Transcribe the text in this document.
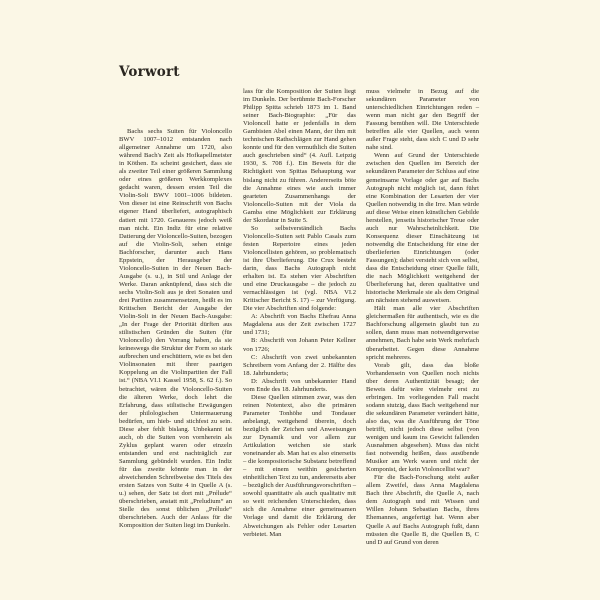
Vorwort

Bachs sechs Suiten für Violoncello BWV 1007–1012 entstanden nach allgemeiner Annahme um 1720, also während Bach's Zeit als Hofkapellmeister in Köthen. Es scheint gesichert, dass sie als zweiter Teil einer größeren Sammlung oder eines größeren Werkkomplexes gedacht waren, dessen ersten Teil die Violin-Soli BWV 1001–1006 bildeten. Von dieser ist eine Reinschrift von Bachs eigener Hand überliefert, autographisch datiert mit 1720. Genaueres jedoch weiß man nicht. Ein Indiz für eine relative Datierung der Violoncello-Suiten, bezogen auf die Violin-Soli, sehen einige Bachforscher, darunter auch Hans Eppstein, der Herausgeber der Violoncello-Suiten in der Neuen Bach-Ausgabe (s. u.), in Stil und Anlage der Werke. Daran anknüpfend, dass sich die sechs Violin-Soli aus je drei Sonaten und drei Partiten zusammensetzen, heißt es im Kritischen Bericht der Ausgabe der Violin-Soli in der Neuen Bach-Ausgabe: „In der Frage der Priorität dürften aus stilistischen Gründen die Suiten (für Violoncello) den Vorrang haben, da sie keineswegs die Struktur der Form so stark aufbrechen und erschüttern, wie es bei den Violinsonaten mit ihrer paarigen Koppelung an die Violinpartiten der Fall ist.“ (NBA VI.1 Kassel 1958, S. 62 f.). So betrachtet, wären die Violoncello-Suiten die älteren Werke, doch lehrt die Erfahrung, dass stilistische Erwägungen der philologischen Untermauerung bedürfen, um hieb- und stichfest zu sein. Diese aber fehlt bislang. Unbekannt ist auch, ob die Suiten von vornherein als Zyklus geplant waren oder einzeln entstanden und erst nachträglich zur Sammlung gebündelt wurden. Ein Indiz für das zweite könnte man in der abweichenden Schreibweise des Titels des ersten Satzes von Suite 4 in Quelle A (s. u.) sehen, der Satz ist dort mit „Prélude“ überschrieben, anstatt mit „Preludium“ an Stelle des sonst üblichen „Prélude“ überschrieben. Auch der Anlass für die Komposition der Suiten liegt im Dunkeln.

lass für die Komposition der Suiten liegt im Dunkeln. Der berühmte Bach-Forscher Philipp Spitta schrieb 1873 im 1. Band seiner Bach-Biographie: „Für das Violoncell hatte er jedenfalls in dem Gambisten Abel einen Mann, der ihm mit technischen Rathschlägen zur Hand gehen konnte und für den vermuthlich die Suiten auch geschrieben sind“ (4. Aufl. Leipzig 1930, S. 708 f.). Ein Beweis für die Richtigkeit von Spittas Behauptung war bislang nicht zu führen. Andererseits böte die Annahme eines wie auch immer gearteten Zusammenhangs der Violoncello-Suiten mit der Viola da Gamba eine Möglichkeit zur Erklärung der Skordatur in Suite 5.

So selbstverständlich Bachs Violoncello-Suiten seit Pablo Casals zum festen Repertoire eines jeden Violoncellisten gehören, so problematisch ist ihre Überlieferung. Die Crux besteht darin, dass Bachs Autograph nicht erhalten ist. Es stehen vier Abschriften und eine Druckausgabe – die jedoch zu vernachlässigen ist (vgl. NBA VI.2 Kritischer Bericht S. 17) – zur Verfügung. Die vier Abschriften sind folgende:

A: Abschrift von Bachs Ehefrau Anna Magdalena aus der Zeit zwischen 1727 und 1731;

B: Abschrift von Johann Peter Kellner von 1726;

C: Abschrift von zwei unbekannten Schreibern vom Anfang der 2. Hälfte des 18. Jahrhunderts;

D: Abschrift von unbekannter Hand vom Ende des 18. Jahrhunderts.

Diese Quellen stimmen zwar, was den reinen Notentext, also die primären Parameter Tonhöhe und Tondauer anbelangt, weitgehend überein, doch bezüglich der Zeichen und Anweisungen zur Dynamik und vor allem zur Artikulation weichen sie stark voneinander ab. Man hat es also einerseits – die kompositorische Substanz betreffend – mit einem weithin gesicherten einheitlichen Text zu tun, andererseits aber – bezüglich der Ausführungsvorschriften – sowohl quantitativ als auch qualitativ mit so weit reichenden Unterschieden, dass sich die Annahme einer gemeinsamen Vorlage und damit die Erklärung der Abweichungen als Fehler oder Lesarten verbietet. Man

muss vielmehr in Bezug auf die sekundären Parameter von unterschiedlichen Einrichtungen reden – wenn man nicht gar den Begriff der Fassung bemühen will. Die Unterschiede betreffen alle vier Quellen, auch wenn außer Frage steht, dass sich C und D sehr nahe sind.

Wenn auf Grund der Unterschiede zwischen den Quellen im Bereich der sekundären Parameter der Schluss auf eine gemeinsame Vorlage oder gar auf Bachs Autograph nicht möglich ist, dann führt eine Kombination der Lesarten der vier Quellen notwendig in die Irre. Man würde auf diese Weise einen künstlichen Gebilde herstellen, jenseits historischer Treue oder auch nur Wahrscheinlichkeit. Die Konsequenz dieser Einschätzung ist notwendig die Entscheidung für eine der überlieferten Einrichtungen (oder Fassungen); dabei versteht sich von selbst, dass die Entscheidung einer Quelle fällt, die nach Möglichkeit weitgehend der Überlieferung hat, deren qualitative und historische Merkmale sie als dem Original am nächsten stehend ausweisen.

Hält man alle vier Abschriften gleichermaßen für authentisch, wie es die Bachforschung allgemein glaubt tun zu sollen, dann muss man notwendigerweise annehmen, Bach habe sein Werk mehrfach überarbeitet. Gegen diese Annahme spricht mehreres.

Vorab gilt, dass das bloße Vorhandensein von Quellen noch nichts über deren Authentizität besagt; der Beweis dafür wäre vielmehr erst zu erbringen. Im vorliegenden Fall macht sodann stutzig, dass Bach weitgehend nur die sekundären Parameter verändert hätte, also das, was die Ausführung der Töne betrifft, nicht jedoch diese selbst (von wenigen und kaum ins Gewicht fallenden Ausnahmen abgesehen). Muss das nicht fast notwendig heißen, dass ausübende Musiker am Werk waren und nicht der Komponist, der kein Violoncellist war?

Für die Bach-Forschung steht außer allem Zweifel, dass Anna Magdalena Bach ihre Abschrift, die Quelle A, nach dem Autograph und mit Wissen und Willen Johann Sebastian Bachs, ihres Ehemannes, angefertigt hat. Wenn aber Quelle A auf Bachs Autograph fußt, dann müssten die Quelle B, die Quellen B, C und D auf Grund von deren
